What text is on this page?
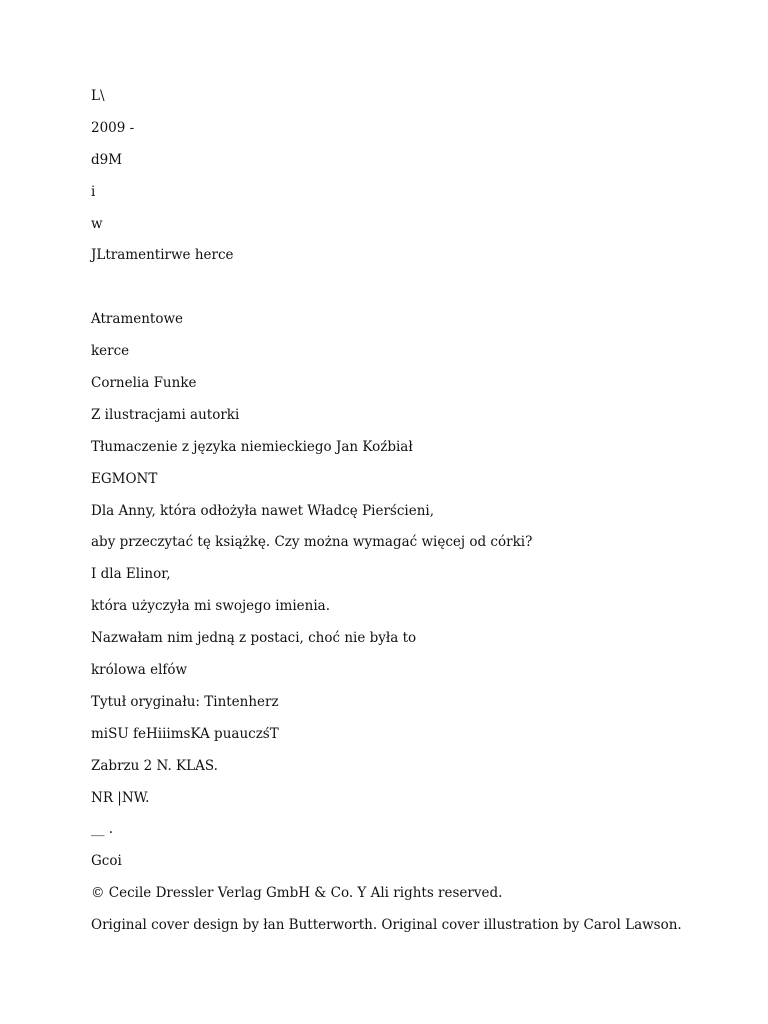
L\
2009 -
d9M
i
w
JLtramentirwe herce
Atramentowe
kerce
Cornelia Funke
Z ilustracjami autorki
Tłumaczenie z języka niemieckiego Jan Koźbiał
EGMONT
Dla Anny, która odłożyła nawet Władcę Pierścieni,
aby przeczytać tę książkę. Czy można wymagać więcej od córki?
I dla Elinor,
która użyczyła mi swojego imienia.
Nazwałam nim jedną z postaci, choć nie była to
królowa elfów
Tytuł oryginału: Tintenherz
miSU feHiiimsKA puauczśT
Zabrzu 2 N. KLAS.
NR |NW.
__ .
Gcoi
© Cecile Dressler Verlag GmbH & Co. Y Ali rights reserved.
Original cover design by łan Butterworth. Original cover illustration by Carol Lawson.
